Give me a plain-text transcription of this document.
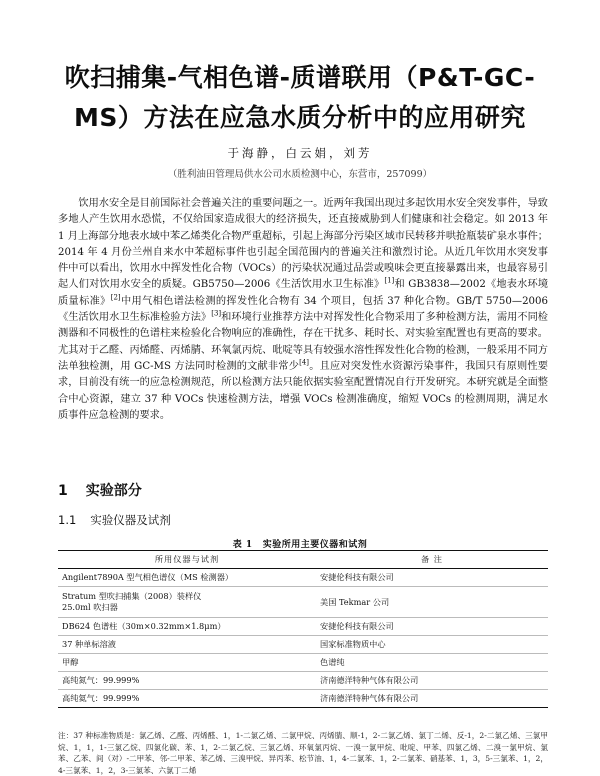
吹扫捕集-气相色谱-质谱联用（P&T-GC-
MS）方法在应急水质分析中的应用研究
于海静，白云娟，刘芳
（胜利油田管理局供水公司水质检测中心，东营市，257099）

饮用水安全是目前国际社会普遍关注的重要问题之一。近两年我国出现过多起饮用水安全突发事件，导致多地人产生饮用水恐慌，不仅给国家造成很大的经济损失，还直接威胁到人们健康和社会稳定。如 2013 年 1 月上海部分地表水域中苯乙烯类化合物严重超标，引起上海部分污染区域市民转移并哄抢瓶装矿泉水事件；2014 年 4 月份兰州自来水中苯超标事件也引起全国范围内的普遍关注和激烈讨论。从近几年饮用水突发事件中可以看出，饮用水中挥发性化合物（VOCs）的污染状况通过品尝或嗅味会更直接暴露出来，也最容易引起人们对饮用水安全的质疑。GB5750—2006《生活饮用水卫生标准》[1]和 GB3838—2002《地表水环境质量标准》[2]中用气相色谱法检测的挥发性化合物有 34 个项目，包括 37 种化合物。GB/T 5750—2006《生活饮用水卫生标准检验方法》[3]和环境行业推荐方法中对挥发性化合物采用了多种检测方法，需用不同检测器和不同极性的色谱柱来检验化合物响应的准确性，存在干扰多、耗时长、对实验室配置也有更高的要求。尤其对于乙醛、丙烯醛、丙烯腈、环氧氯丙烷、吡啶等具有较强水溶性挥发性化合物的检测，一般采用不同方法单独检测，用 GC-MS 方法同时检测的文献非常少[4]。且应对突发性水资源污染事件，我国只有原则性要求，目前没有统一的应急检测规范，所以检测方法只能依据实验室配置情况自行开发研究。本研究就是全面整合中心资源，建立 37 种 VOCs 快速检测方法，增强 VOCs 检测准确度，缩短 VOCs 的检测周期，满足水质事件应急检测的要求。

1 实验部分
1.1 实验仪器及试剂
表 1 实验所用主要仪器和试剂
所用仪器与试剂	备 注
Angilent7890A 型气相色谱仪（MS 检测器）	安捷伦科技有限公司

Stratum 型吹扫捕集（2008）装样仪
25.0ml 吹扫器	美国 Tekmar 公司
DB624 色谱柱（30m×0.32mm×1.8μm）	安捷伦科技有限公司
37 种单标溶液	国家标准物质中心
甲醇	色谱纯
高纯氮气：99.999%	济南德洋特种气体有限公司
高纯氦气：99.999%	济南德洋特种气体有限公司
注：37 种标准物质是：氯乙烯、乙醛、丙烯醛、1，1-二氯乙烯、二氯甲烷、丙烯腈、顺-1，2-二氯乙烯、氯丁二烯、反-1，2-二氯乙烯、三氯甲烷、1，1，1-三氯乙烷、四氯化碳、苯、1，2-二氯乙烷、三氯乙烯、环氧氯丙烷、一溴一氯甲烷、吡啶、甲苯、四氯乙烯、二溴一氯甲烷、氯苯、乙苯、间（对）-二甲苯、邻-二甲苯、苯乙烯、三溴甲烷、异丙苯、松节油、1，4-二氯苯、1，2-二氯苯、硝基苯、1，3，5-三氯苯、1，2，4-三氯苯、1，2，3-三氯苯、六氯丁二烯
